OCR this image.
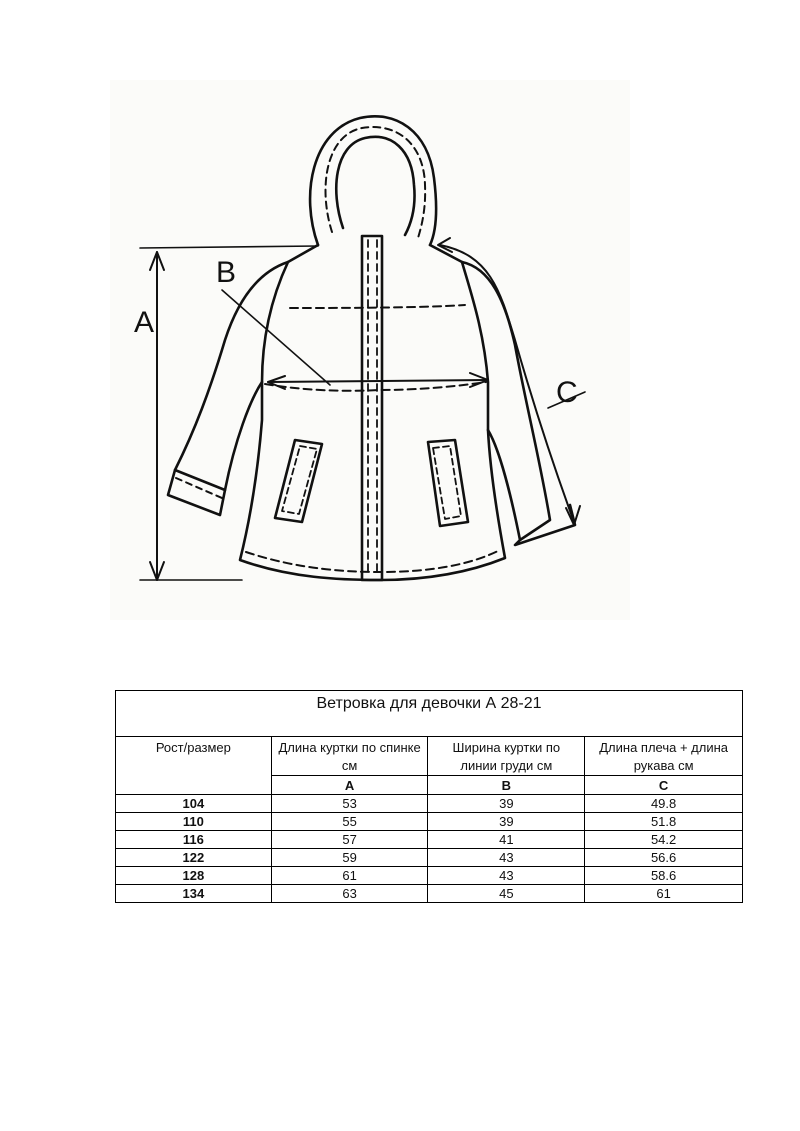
A
B
C
Ветровка для девочки А 28-21			
Рост/размер	Длина куртки по спинке см	Ширина куртки по линии груди см	Длина плеча + длина рукава см
	A	B	C
104	53	39	49.8
110	55	39	51.8
116	57	41	54.2
122	59	43	56.6
128	61	43	58.6
134	63	45	61
